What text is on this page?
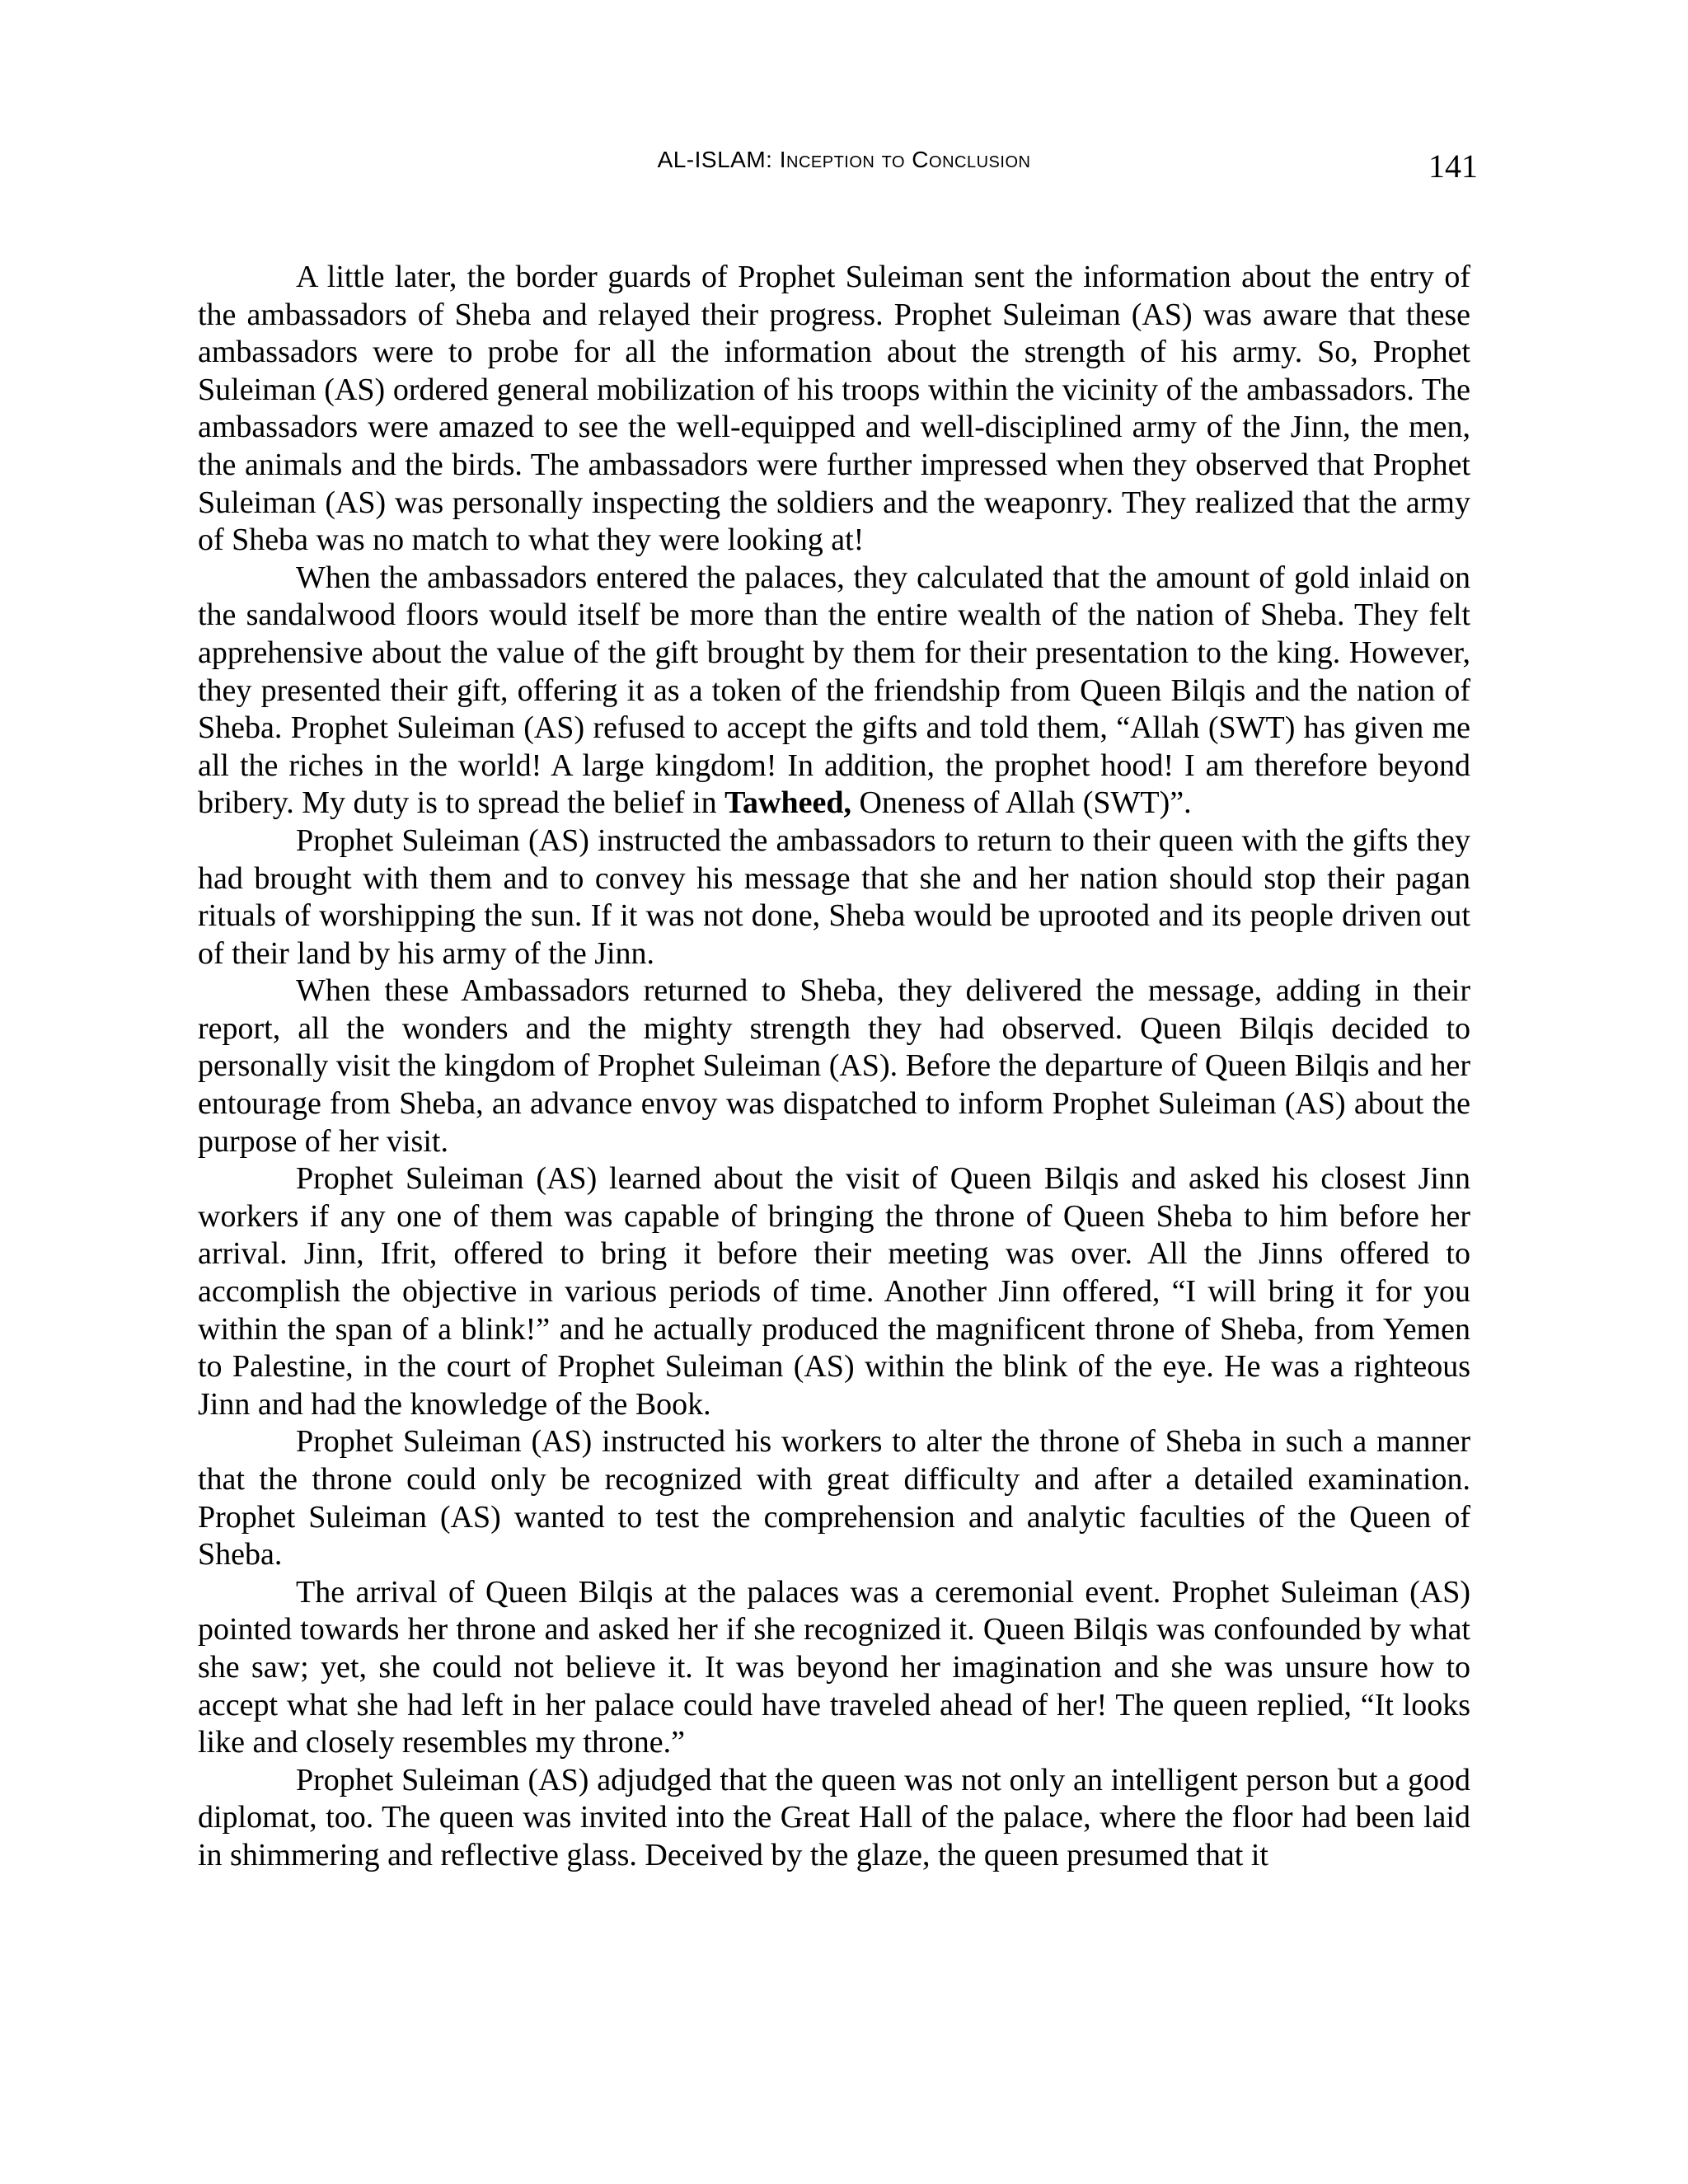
AL-ISLAM: Inception to Conclusion	141

A little later, the border guards of Prophet Suleiman sent the information about the entry of the ambassadors of Sheba and relayed their progress. Prophet Suleiman (AS) was aware that these ambassadors were to probe for all the information about the strength of his army. So, Prophet Suleiman (AS) ordered general mobilization of his troops within the vicinity of the ambassadors. The ambassadors were amazed to see the well-equipped and well-disciplined army of the Jinn, the men, the animals and the birds. The ambassadors were further impressed when they observed that Prophet Suleiman (AS) was personally inspecting the soldiers and the weaponry. They realized that the army of Sheba was no match to what they were looking at!

When the ambassadors entered the palaces, they calculated that the amount of gold inlaid on the sandalwood floors would itself be more than the entire wealth of the nation of Sheba. They felt apprehensive about the value of the gift brought by them for their presentation to the king. However, they presented their gift, offering it as a token of the friendship from Queen Bilqis and the nation of Sheba. Prophet Suleiman (AS) refused to accept the gifts and told them, “Allah (SWT) has given me all the riches in the world! A large kingdom! In addition, the prophet hood! I am therefore beyond bribery. My duty is to spread the belief in Tawheed, Oneness of Allah (SWT)”.

Prophet Suleiman (AS) instructed the ambassadors to return to their queen with the gifts they had brought with them and to convey his message that she and her nation should stop their pagan rituals of worshipping the sun. If it was not done, Sheba would be uprooted and its people driven out of their land by his army of the Jinn.

When these Ambassadors returned to Sheba, they delivered the message, adding in their report, all the wonders and the mighty strength they had observed. Queen Bilqis decided to personally visit the kingdom of Prophet Suleiman (AS). Before the departure of Queen Bilqis and her entourage from Sheba, an advance envoy was dispatched to inform Prophet Suleiman (AS) about the purpose of her visit.

Prophet Suleiman (AS) learned about the visit of Queen Bilqis and asked his closest Jinn workers if any one of them was capable of bringing the throne of Queen Sheba to him before her arrival. Jinn, Ifrit, offered to bring it before their meeting was over. All the Jinns offered to accomplish the objective in various periods of time. Another Jinn offered, “I will bring it for you within the span of a blink!” and he actually produced the magnificent throne of Sheba, from Yemen to Palestine, in the court of Prophet Suleiman (AS) within the blink of the eye. He was a righteous Jinn and had the knowledge of the Book.

Prophet Suleiman (AS) instructed his workers to alter the throne of Sheba in such a manner that the throne could only be recognized with great difficulty and after a detailed examination. Prophet Suleiman (AS) wanted to test the comprehension and analytic faculties of the Queen of Sheba.

The arrival of Queen Bilqis at the palaces was a ceremonial event. Prophet Suleiman (AS) pointed towards her throne and asked her if she recognized it. Queen Bilqis was confounded by what she saw; yet, she could not believe it. It was beyond her imagination and she was unsure how to accept what she had left in her palace could have traveled ahead of her! The queen replied, “It looks like and closely resembles my throne.”

Prophet Suleiman (AS) adjudged that the queen was not only an intelligent person but a good diplomat, too. The queen was invited into the Great Hall of the palace, where the floor had been laid in shimmering and reflective glass. Deceived by the glaze, the queen presumed that it
